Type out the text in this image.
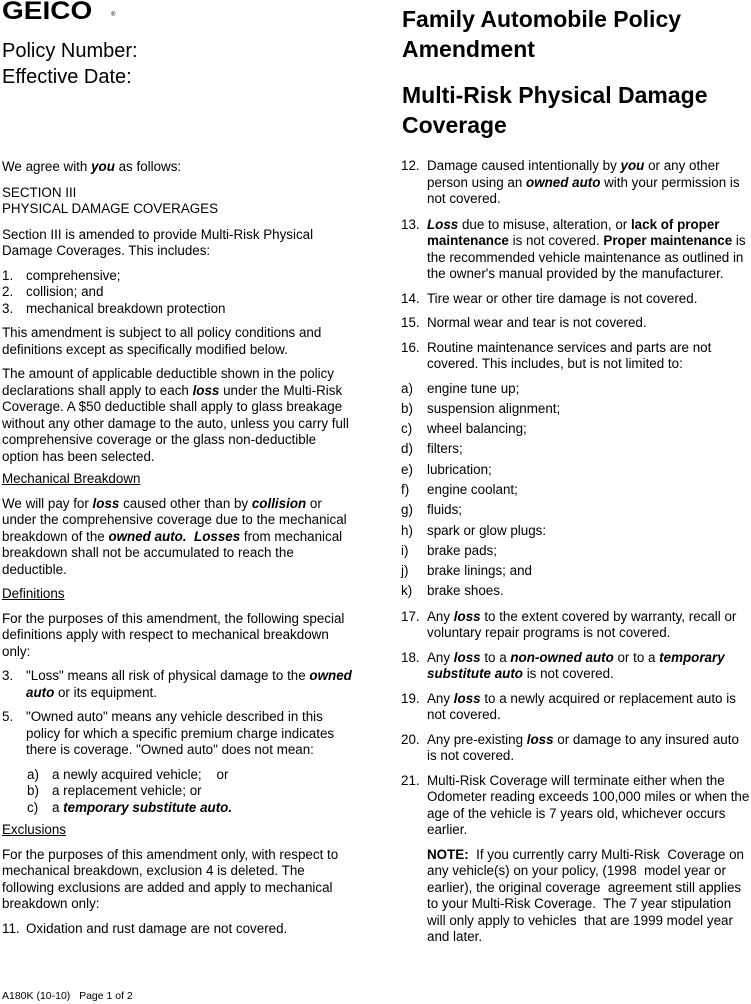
GEICO	®
Policy Number:
Effective Date:
Family Automobile Policy Amendment
Multi-Risk Physical Damage Coverage

We agree with you as follows:

SECTION III

PHYSICAL DAMAGE COVERAGES

Section III is amended to provide Multi-Risk Physical Damage Coverages. This includes:

1. comprehensive;
2. collision; and
3. mechanical breakdown protection

This amendment is subject to all policy conditions and definitions except as specifically modified below.

The amount of applicable deductible shown in the policy declarations shall apply to each loss under the Multi-Risk Coverage. A $50 deductible shall apply to glass breakage without any other damage to the auto, unless you carry full comprehensive coverage or the glass non-deductible option has been selected.

Mechanical Breakdown

We will pay for loss caused other than by collision or under the comprehensive coverage due to the mechanical breakdown of the owned auto. Losses from mechanical breakdown shall not be accumulated to reach the deductible.

Definitions

For the purposes of this amendment, the following special definitions apply with respect to mechanical breakdown only:

3. "Loss" means all risk of physical damage to the owned auto or its equipment.
5. "Owned auto" means any vehicle described in this policy for which a specific premium charge indicates there is coverage. "Owned auto" does not mean:
a) a newly acquired vehicle;    or
b) a replacement vehicle; or
c)	a temporary substitute auto.

Exclusions

For the purposes of this amendment only, with respect to mechanical breakdown, exclusion 4 is deleted. The following exclusions are added and apply to mechanical breakdown only:

11. Oxidation and rust damage are not covered.
12. Damage caused intentionally by you or any other person using an owned auto with your permission is not covered.
13. Loss due to misuse, alteration, or lack of proper maintenance is not covered. Proper maintenance is the recommended vehicle maintenance as outlined in the owner's manual provided by the manufacturer.
14. Tire wear or other tire damage is not covered.
15. Normal wear and tear is not covered.
16. Routine maintenance services and parts are not covered. This includes, but is not limited to:
a)	engine tune up;
b)	suspension alignment;
c)	wheel balancing;
d)	filters;
e)	lubrication;
f)	engine coolant;
g)	fluids;
h)	spark or glow plugs:
i)	brake pads;
j)	brake linings; and
k)	brake shoes.
17. Any loss to the extent covered by warranty, recall or voluntary repair programs is not covered.
18. Any loss to a non-owned auto or to a temporary substitute auto is not covered.
19. Any loss to a newly acquired or replacement auto is not covered.
20. Any pre-existing loss or damage to any insured auto is not covered.
21. Multi-Risk Coverage will terminate either when the Odometer reading exceeds 100,000 miles or when the age of the vehicle is 7 years old, whichever occurs earlier.

NOTE:  If you currently carry Multi-Risk  Coverage on any vehicle(s) on your policy, (1998  model year or earlier), the original coverage  agreement still applies to your Multi-Risk Coverage.  The 7 year stipulation will only apply to vehicles  that are 1999 model year and later.

A180K (10-10) Page 1 of 2
